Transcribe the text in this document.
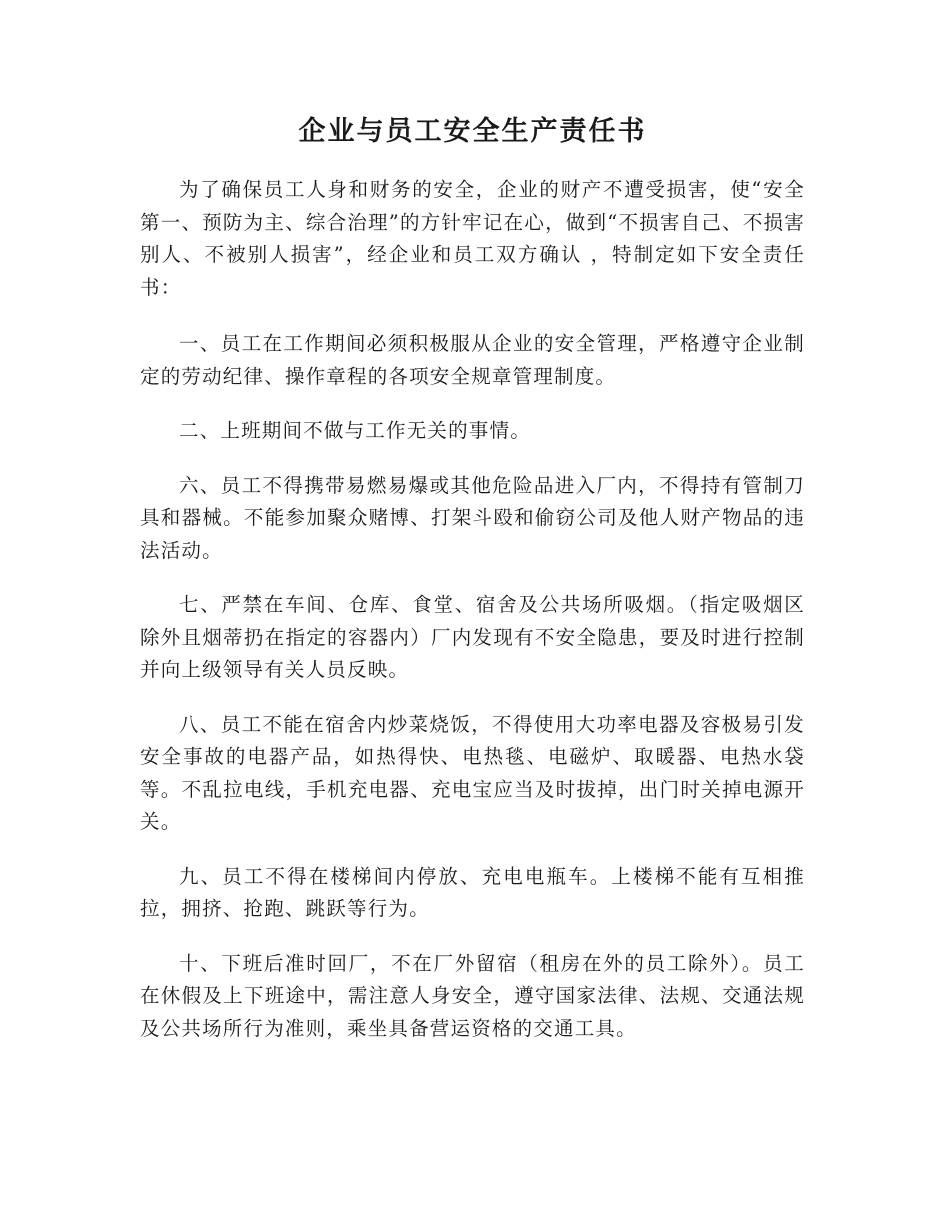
企业与员工安全生产责任书

为了确保员工人身和财务的安全，企业的财产不遭受损害，使“安全第一、预防为主、综合治理”的方针牢记在心，做到“不损害自己、不损害别人、不被别人损害”，经企业和员工双方确认 ，特制定如下安全责任书：

一、员工在工作期间必须积极服从企业的安全管理，严格遵守企业制定的劳动纪律、操作章程的各项安全规章管理制度。

二、上班期间不做与工作无关的事情。

六、员工不得携带易燃易爆或其他危险品进入厂内，不得持有管制刀具和器械。不能参加聚众赌博、打架斗殴和偷窃公司及他人财产物品的违法活动。

七、严禁在车间、仓库、食堂、宿舍及公共场所吸烟。（指定吸烟区除外且烟蒂扔在指定的容器内）厂内发现有不安全隐患，要及时进行控制并向上级领导有关人员反映。

八、员工不能在宿舍内炒菜烧饭，不得使用大功率电器及容极易引发安全事故的电器产品，如热得快、电热毯、电磁炉、取暖器、电热水袋等。不乱拉电线，手机充电器、充电宝应当及时拔掉，出门时关掉电源开关。

九、员工不得在楼梯间内停放、充电电瓶车。上楼梯不能有互相推拉，拥挤、抢跑、跳跃等行为。

十、下班后准时回厂，不在厂外留宿（租房在外的员工除外）。员工在休假及上下班途中，需注意人身安全，遵守国家法律、法规、交通法规及公共场所行为准则，乘坐具备营运资格的交通工具。
